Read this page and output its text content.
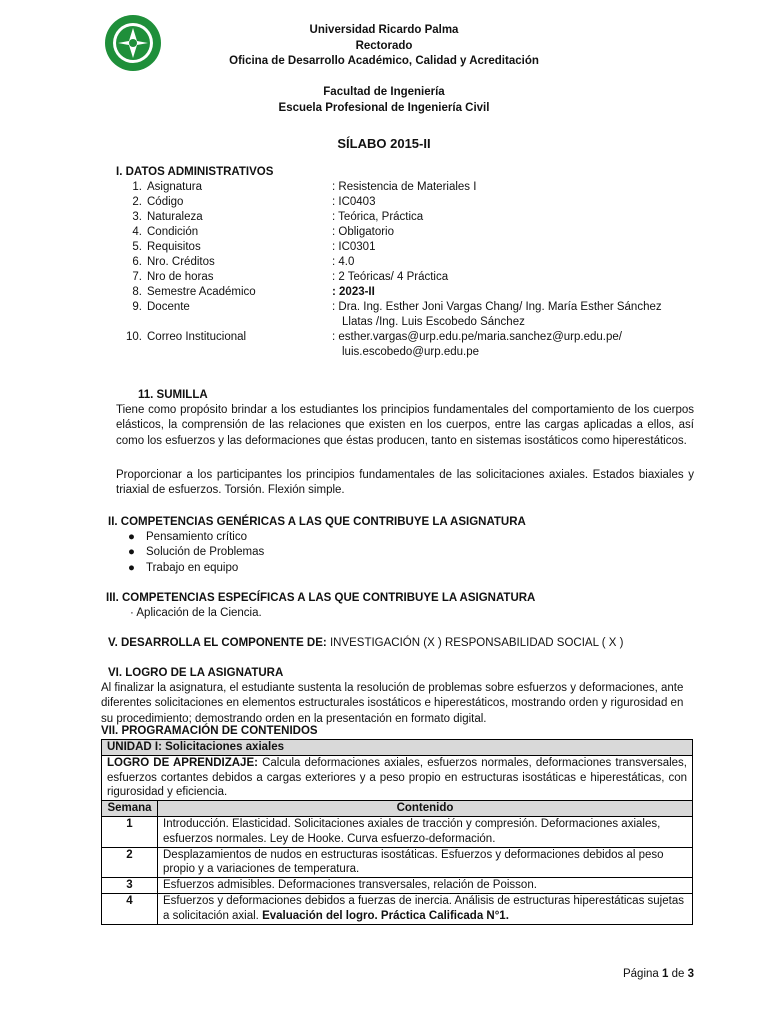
Universidad Ricardo Palma
Rectorado
Oficina de Desarrollo Académico, Calidad y Acreditación
Facultad de Ingeniería
Escuela Profesional de Ingeniería Civil
SÍLABO 2015-II
I. DATOS ADMINISTRATIVOS
1. Asignatura	: Resistencia de Materiales I
2. Código	: IC0403
3. Naturaleza	: Teórica, Práctica
4. Condición	: Obligatorio
5. Requisitos	: IC0301
6. Nro. Créditos	: 4.0
7. Nro de horas	: 2 Teóricas/ 4 Práctica
8. Semestre Académico	: 2023-II
9. Docente	: Dra. Ing. Esther Joni Vargas Chang/ Ing. María Esther Sánchez
Llatas /Ing. Luis Escobedo Sánchez
10. Correo Institucional	: esther.vargas@urp.edu.pe/maria.sanchez@urp.edu.pe/
luis.escobedo@urp.edu.pe
11. SUMILLA
Tiene como propósito brindar a los estudiantes los principios fundamentales del comportamiento de los cuerpos elásticos, la comprensión de las relaciones que existen en los cuerpos, entre las cargas aplicadas a ellos, así como los esfuerzos y las deformaciones que éstas producen, tanto en sistemas isostáticos como hiperestáticos.
Proporcionar a los participantes los principios fundamentales de las solicitaciones axiales. Estados biaxiales y triaxial de esfuerzos. Torsión. Flexión simple.
II. COMPETENCIAS GENÉRICAS A LAS QUE CONTRIBUYE LA ASIGNATURA
● Pensamiento crítico
● Solución de Problemas
● Trabajo en equipo
III. COMPETENCIAS ESPECÍFICAS A LAS QUE CONTRIBUYE LA ASIGNATURA
· Aplicación de la Ciencia.
V. DESARROLLA EL COMPONENTE DE: INVESTIGACIÓN (X ) RESPONSABILIDAD SOCIAL ( X )
VI. LOGRO DE LA ASIGNATURA
Al finalizar la asignatura, el estudiante sustenta la resolución de problemas sobre esfuerzos y deformaciones, ante diferentes solicitaciones en elementos estructurales isostáticos e hiperestáticos, mostrando orden y rigurosidad en su procedimiento; demostrando orden en la presentación en formato digital.
VII. PROGRAMACIÓN DE CONTENIDOS
UNIDAD I: Solicitaciones axiales	
LOGRO DE APRENDIZAJE: Calcula deformaciones axiales, esfuerzos normales, deformaciones transversales, esfuerzos cortantes debidos a cargas exteriores y a peso propio en estructuras isostáticas e hiperestáticas, con rigurosidad y eficiencia.	
Semana	Contenido
1	Introducción. Elasticidad. Solicitaciones axiales de tracción y compresión. Deformaciones axiales, esfuerzos normales. Ley de Hooke. Curva esfuerzo-deformación.
2	Desplazamientos de nudos en estructuras isostáticas. Esfuerzos y deformaciones debidos al peso propio y a variaciones de temperatura.
3	Esfuerzos admisibles. Deformaciones transversales, relación de Poisson.
4	Esfuerzos y deformaciones debidos a fuerzas de inercia. Análisis de estructuras hiperestáticas sujetas a solicitación axial. Evaluación del logro. Práctica Calificada N°1.
Página 1 de 3
